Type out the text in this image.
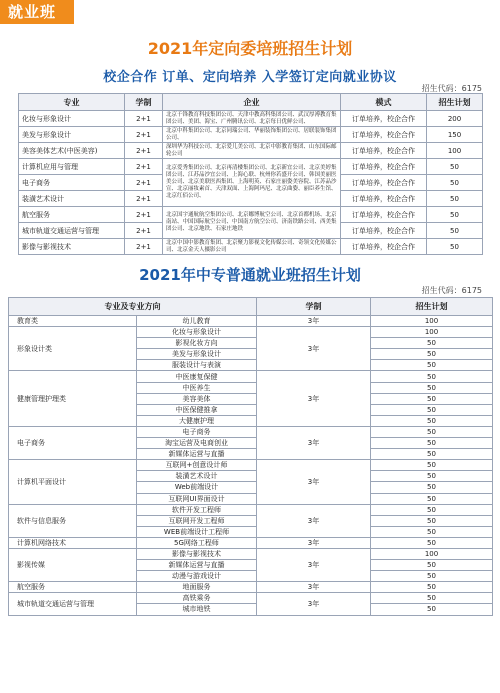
就业班
2021年定向委培班招生计划
校企合作 订单、定向培养 入学签订定向就业协议
招生代码：6175
专业	学制	企业	模式	招生计划
化妆与形象设计	2+1	北京千锋教育科技集团公司、天津中教高科集团公司、武汉厚溥教育集团公司、美团、海宝、广州腾讯公司、北京每日优鲜公司、	订单培养，校企合作	200
美发与形象设计	2+1	北京中科集团公司、北京同瑞公司、华丽装饰集团公司、居联装饰集团公司、	订单培养，校企合作	150
美容美体艺术(中医美容)	2+1	深圳华为科技公司、北京爱儿美公司、北京中影教育集团、山东国际邮轮公司	订单培养，校企合作	100
计算机应用与管理	2+1	北京爱秀集团公司、北京再清楼集团公司、北京新宜公司、北京美婷集团公司、江苏品沙宜公司、上海心联、杭州你若盛开公司、韩国美丽医美公司、北京美联医西集团、上海明英、石家庄丽姿美容院、江苏品沙宣、北京丽妆素首、天津双面、上海阿玛尼、北京曲姿、丽臣养生馆、北京红佰公司、	订单培养，校企合作	50
电子商务	2+1		订单培养，校企合作	50
装潢艺术设计	2+1		订单培养，校企合作	50
航空服务	2+1	北京国宇通航航空集团公司、北京娜博航空公司、北京首都机场、北京南站、中国国际航空公司、中国南方航空公司、济南铁路公司、西美集团公司、北京地铁、石家庄地铁	订单培养，校企合作	50
城市轨道交通运营与管理	2+1		订单培养，校企合作	50
影像与影视技术	2+1	北京中国中影教育集团、北京聚力影视文化传媒公司、奇领文化传媒公司、北京金天人摄影公司	订单培养，校企合作	50
2021年中专普通就业班招生计划
招生代码：6175
专业及专业方向		学制	招生计划
教育类	幼儿教育	3年	100
形象设计类	化妆与形象设计	3年	100
	影视化妆方向		50
	美发与形象设计		50
	服装设计与表演		50
健康管理护理类	中医康复保健	3年	50
	中医养生		50
	美容美体		50
	中医保健推拿		50
	大健康护理		50
电子商务	电子商务	3年	50
	淘宝运营及电商创业		50
	新媒体运营与直播		50
计算机平面设计	互联网+创意设计师	3年	50
	装潢艺术设计		50
	Web前端设计		50
	互联网UI界面设计		50
软件与信息服务	软件开发工程师	3年	50
	互联网开发工程师		50
	WEB前端设计工程师		50
计算机网络技术	5G网络工程师	3年	50
影视传媒	影像与影视技术	3年	100
	新媒体运营与直播		50
	动漫与游戏设计		50
航空服务	地面服务	3年	50
城市轨道交通运营与管理	高铁乘务	3年	50
	城市地铁		50
